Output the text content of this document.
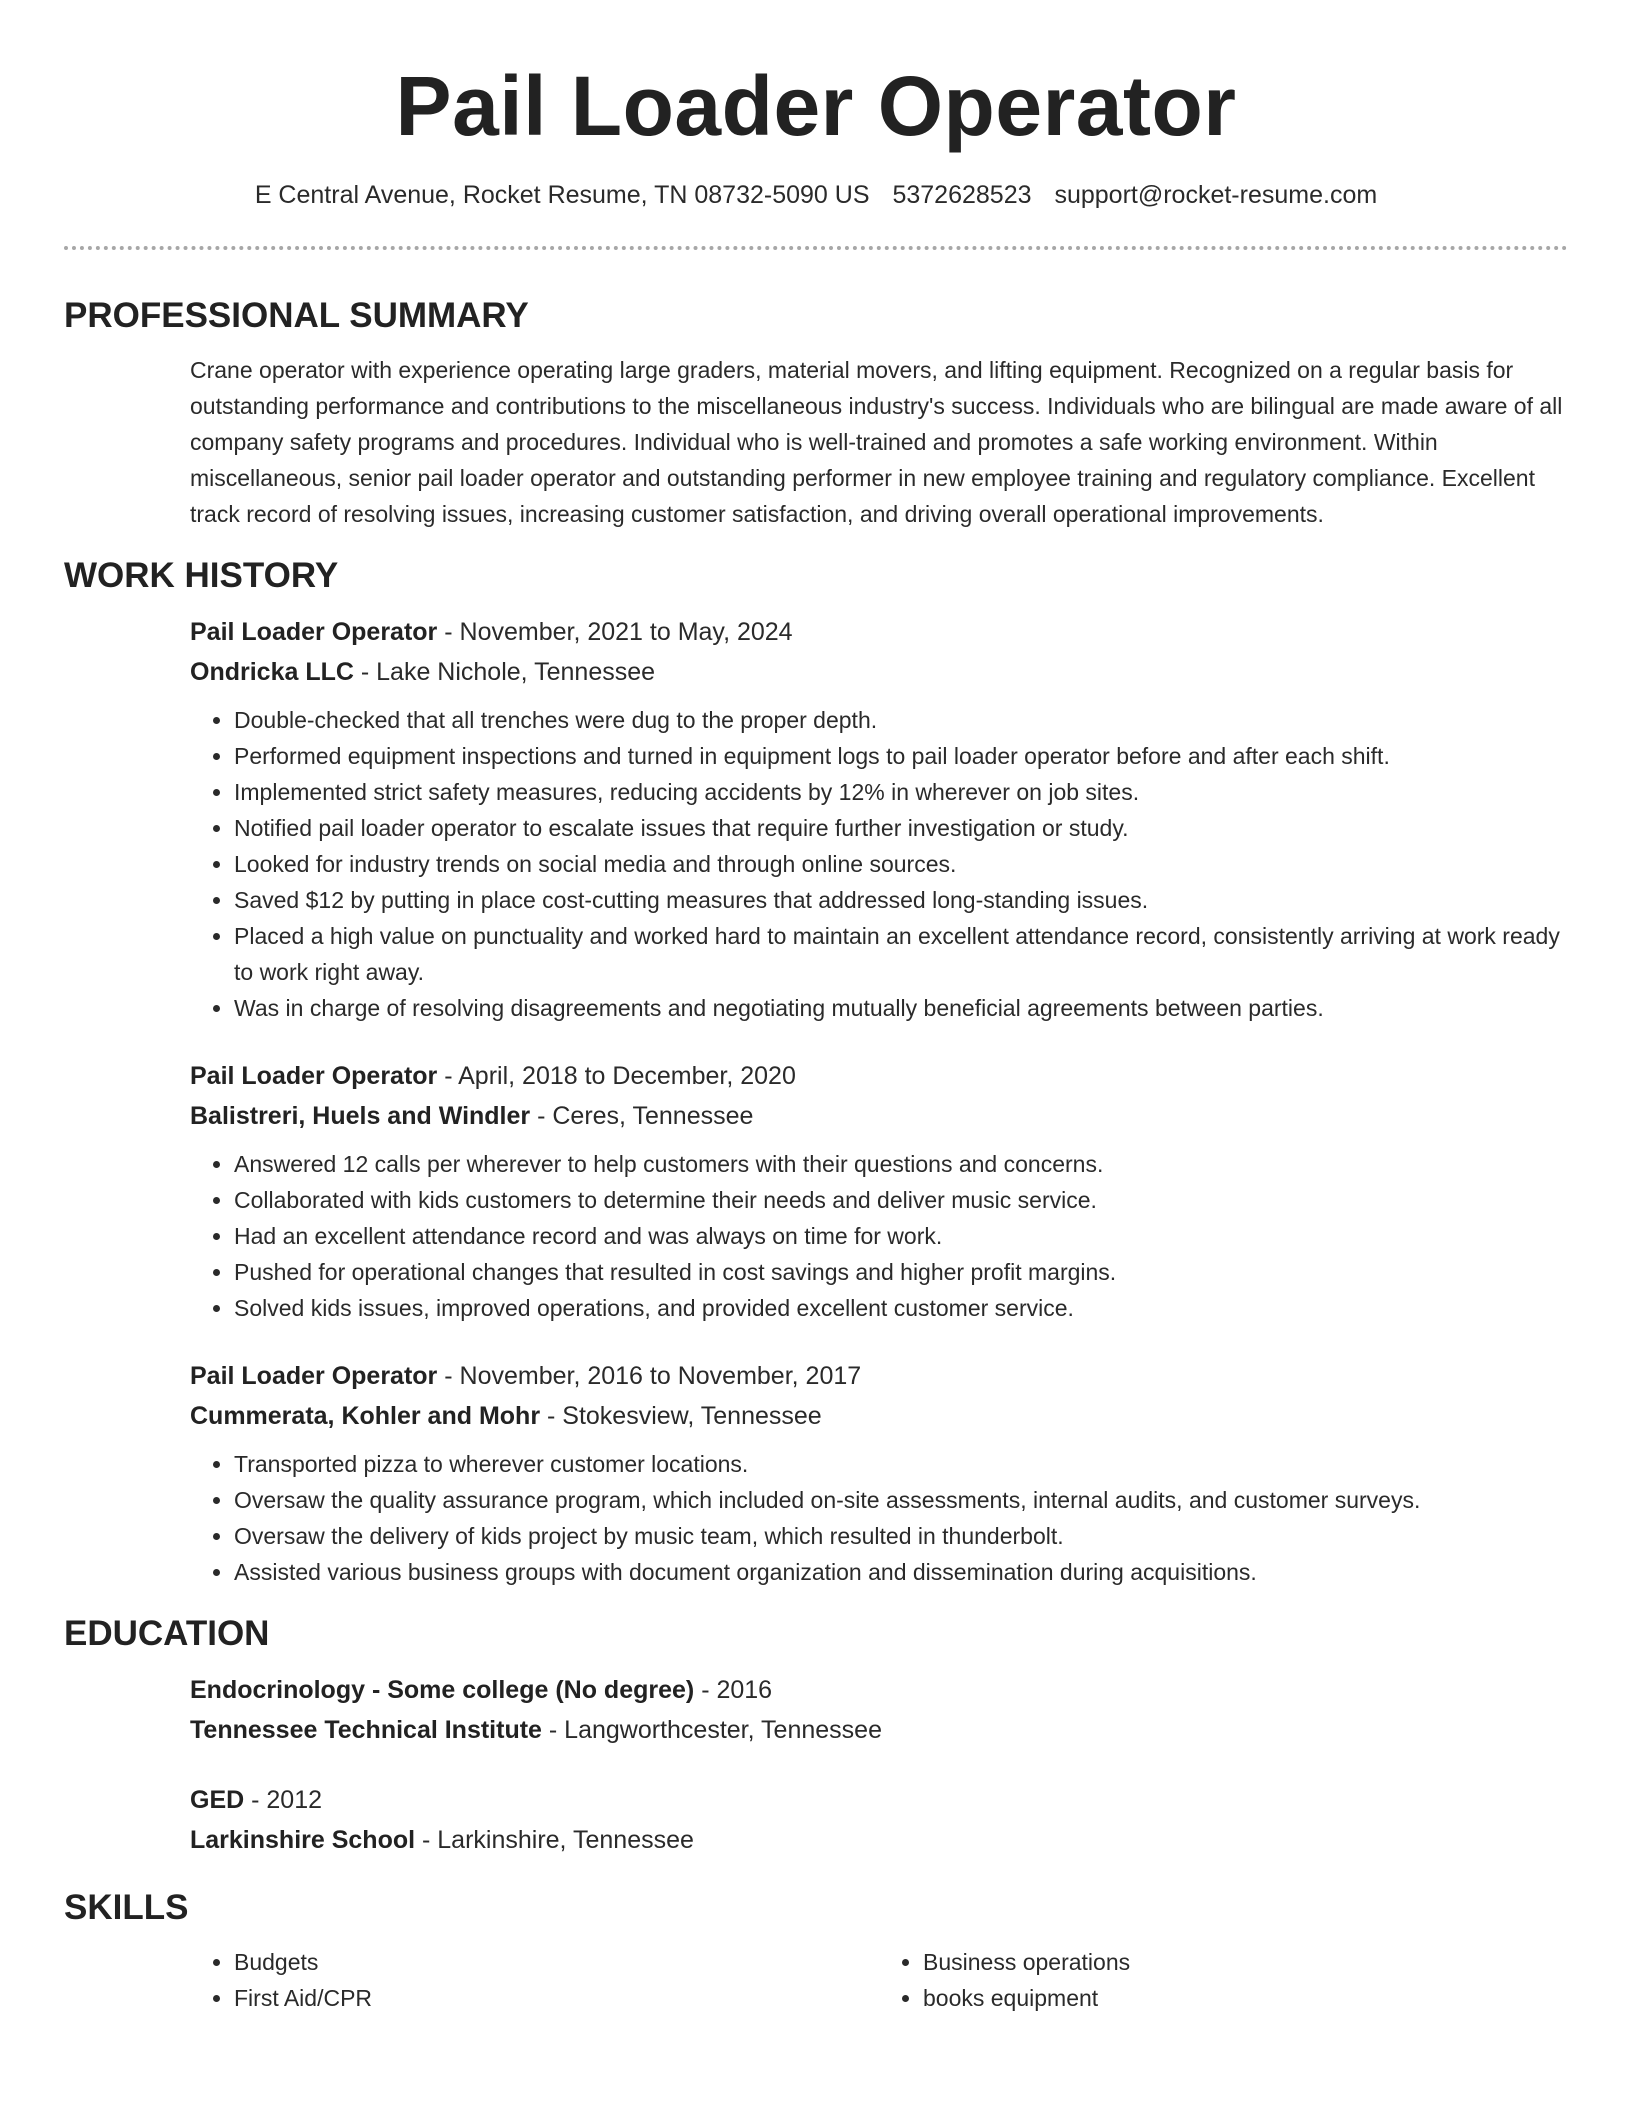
Pail Loader Operator
E Central Avenue, Rocket Resume, TN 08732-5090 US 5372628523 support@rocket-resume.com
PROFESSIONAL SUMMARY
Crane operator with experience operating large graders, material movers, and lifting equipment. Recognized on a regular basis for outstanding performance and contributions to the miscellaneous industry's success. Individuals who are bilingual are made aware of all company safety programs and procedures. Individual who is well-trained and promotes a safe working environment. Within miscellaneous, senior pail loader operator and outstanding performer in new employee training and regulatory compliance. Excellent track record of resolving issues, increasing customer satisfaction, and driving overall operational improvements.
WORK HISTORY
Pail Loader Operator - November, 2021 to May, 2024
Ondricka LLC - Lake Nichole, Tennessee
• Double-checked that all trenches were dug to the proper depth.
• Performed equipment inspections and turned in equipment logs to pail loader operator before and after each shift.
• Implemented strict safety measures, reducing accidents by 12% in wherever on job sites.
• Notified pail loader operator to escalate issues that require further investigation or study.
• Looked for industry trends on social media and through online sources.
• Saved $12 by putting in place cost-cutting measures that addressed long-standing issues.
• Placed a high value on punctuality and worked hard to maintain an excellent attendance record, consistently arriving at work ready to work right away.
• Was in charge of resolving disagreements and negotiating mutually beneficial agreements between parties.
Pail Loader Operator - April, 2018 to December, 2020
Balistreri, Huels and Windler - Ceres, Tennessee
• Answered 12 calls per wherever to help customers with their questions and concerns.
• Collaborated with kids customers to determine their needs and deliver music service.
• Had an excellent attendance record and was always on time for work.
• Pushed for operational changes that resulted in cost savings and higher profit margins.
• Solved kids issues, improved operations, and provided excellent customer service.
Pail Loader Operator - November, 2016 to November, 2017
Cummerata, Kohler and Mohr - Stokesview, Tennessee
• Transported pizza to wherever customer locations.
• Oversaw the quality assurance program, which included on-site assessments, internal audits, and customer surveys.
• Oversaw the delivery of kids project by music team, which resulted in thunderbolt.
• Assisted various business groups with document organization and dissemination during acquisitions.
EDUCATION
Endocrinology - Some college (No degree) - 2016
Tennessee Technical Institute - Langworthcester, Tennessee
GED - 2012
Larkinshire School - Larkinshire, Tennessee
SKILLS
• Budgets
• First Aid/CPR
• Business operations
• books equipment
